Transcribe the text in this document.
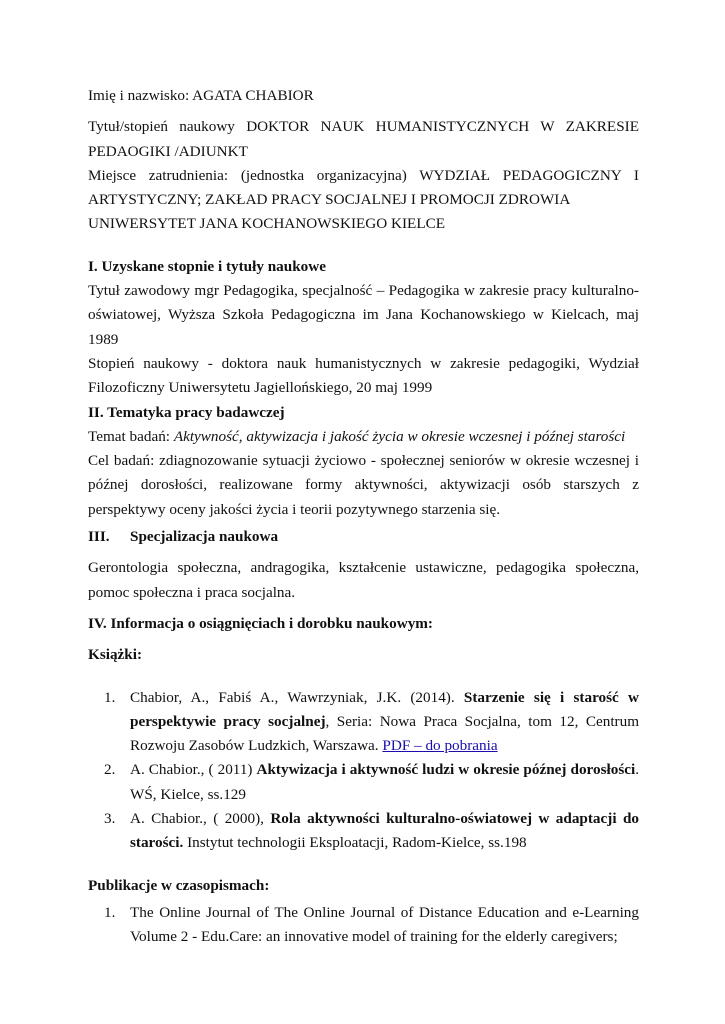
Imię i nazwisko: AGATA CHABIOR

Tytuł/stopień naukowy DOKTOR NAUK HUMANISTYCZNYCH W ZAKRESIE

PEDAOGIKI /ADIUNKT

Miejsce zatrudnienia: (jednostka organizacyjna) WYDZIAŁ PEDAGOGICZNY I

ARTYSTYCZNY; ZAKŁAD PRACY SOCJALNEJ I PROMOCJI ZDROWIA

UNIWERSYTET JANA KOCHANOWSKIEGO KIELCE

I. Uzyskane stopnie i tytuły naukowe

Tytuł zawodowy mgr Pedagogika, specjalność – Pedagogika w zakresie pracy kulturalno-oświatowej, Wyższa Szkoła Pedagogiczna im Jana Kochanowskiego w Kielcach, maj 1989

Stopień naukowy - doktora nauk humanistycznych w zakresie pedagogiki, Wydział Filozoficzny Uniwersytetu Jagiellońskiego, 20 maj 1999

II. Tematyka pracy badawczej

Temat badań: Aktywność, aktywizacja i jakość życia w okresie wczesnej i późnej starości

Cel badań: zdiagnozowanie sytuacji życiowo - społecznej seniorów w okresie wczesnej i późnej dorosłości, realizowane formy aktywności, aktywizacji osób starszych z perspektywy oceny jakości życia i teorii pozytywnego starzenia się.

III.	Specjalizacja naukowa

Gerontologia społeczna, andragogika, kształcenie ustawiczne, pedagogika społeczna, pomoc społeczna i praca socjalna.

IV. Informacja o osiągnięciach i dorobku naukowym:

Książki:

1. Chabior, A., Fabiś A., Wawrzyniak, J.K. (2014). Starzenie się i starość w perspektywie pracy socjalnej, Seria: Nowa Praca Socjalna, tom 12, Centrum Rozwoju Zasobów Ludzkich, Warszawa. PDF – do pobrania
2. A. Chabior., ( 2011) Aktywizacja i aktywność ludzi w okresie późnej dorosłości. WŚ, Kielce, ss.129
3. A. Chabior., ( 2000), Rola aktywności kulturalno-oświatowej w adaptacji do starości. Instytut technologii Eksploatacji, Radom-Kielce, ss.198

Publikacje w czasopismach:

1. The Online Journal of The Online Journal of Distance Education and e-Learning Volume 2 - Edu.Care: an innovative model of training for the elderly caregivers;
